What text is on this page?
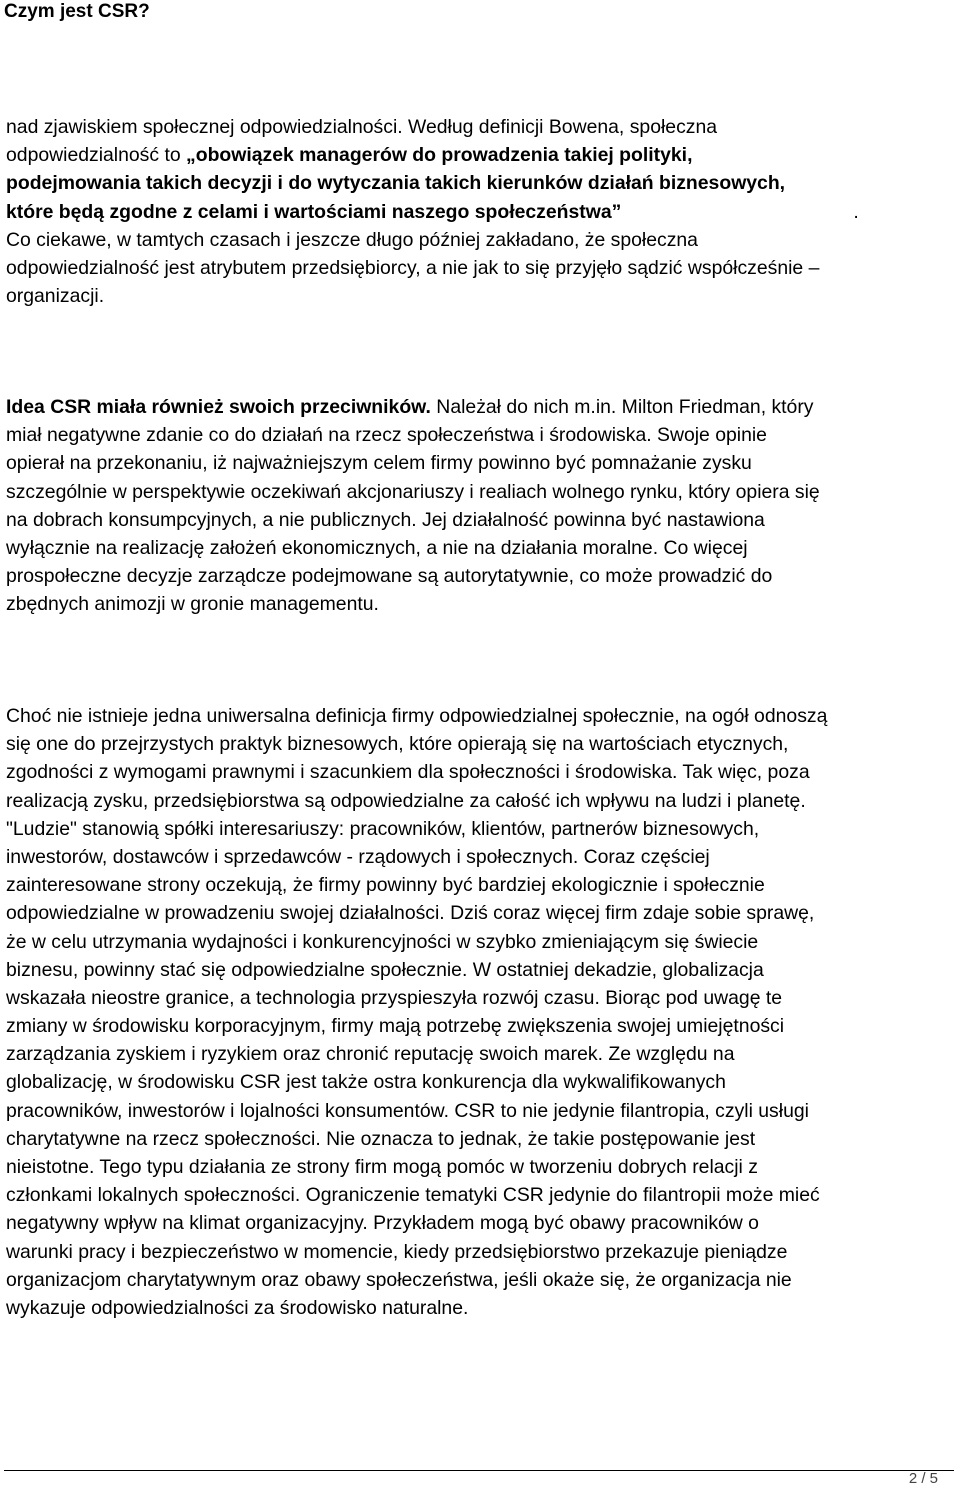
Czym jest CSR?
nad zjawiskiem społecznej odpowiedzialności. Według definicji Bowena, społeczna
odpowiedzialność to „obowiązek managerów do prowadzenia takiej polityki,
podejmowania takich decyzji i do wytyczania takich kierunków działań biznesowych,
które będą zgodne z celami i wartościami naszego społeczeństwa”	.
Co ciekawe, w tamtych czasach i jeszcze długo później zakładano, że społeczna
odpowiedzialność jest atrybutem przedsiębiorcy, a nie jak to się przyjęło sądzić współcześnie –
organizacji.
Idea CSR miała również swoich przeciwników. Należał do nich m.in. Milton Friedman, który
miał negatywne zdanie co do działań na rzecz społeczeństwa i środowiska. Swoje opinie
opierał na przekonaniu, iż najważniejszym celem firmy powinno być pomnażanie zysku
szczególnie w perspektywie oczekiwań akcjonariuszy i realiach wolnego rynku, który opiera się
na dobrach konsumpcyjnych, a nie publicznych. Jej działalność powinna być nastawiona
wyłącznie na realizację założeń ekonomicznych, a nie na działania moralne. Co więcej
prospołeczne decyzje zarządcze podejmowane są autorytatywnie, co może prowadzić do
zbędnych animozji w gronie managementu.
Choć nie istnieje jedna uniwersalna definicja firmy odpowiedzialnej społecznie, na ogół odnoszą
się one do przejrzystych praktyk biznesowych, które opierają się na wartościach etycznych,
zgodności z wymogami prawnymi i szacunkiem dla społeczności i środowiska. Tak więc, poza
realizacją zysku, przedsiębiorstwa są odpowiedzialne za całość ich wpływu na ludzi i planetę.
"Ludzie" stanowią spółki interesariuszy: pracowników, klientów, partnerów biznesowych,
inwestorów, dostawców i sprzedawców - rządowych i społecznych. Coraz częściej
zainteresowane strony oczekują, że firmy powinny być bardziej ekologicznie i społecznie
odpowiedzialne w prowadzeniu swojej działalności. Dziś coraz więcej firm zdaje sobie sprawę,
że w celu utrzymania wydajności i konkurencyjności w szybko zmieniającym się świecie
biznesu, powinny stać się odpowiedzialne społecznie. W ostatniej dekadzie, globalizacja
wskazała nieostre granice, a technologia przyspieszyła rozwój czasu. Biorąc pod uwagę te
zmiany w środowisku korporacyjnym, firmy mają potrzebę zwiększenia swojej umiejętności
zarządzania zyskiem i ryzykiem oraz chronić reputację swoich marek. Ze względu na
globalizację, w środowisku CSR jest także ostra konkurencja dla wykwalifikowanych
pracowników, inwestorów i lojalności konsumentów. CSR to nie jedynie filantropia, czyli usługi
charytatywne na rzecz społeczności. Nie oznacza to jednak, że takie postępowanie jest
nieistotne. Tego typu działania ze strony firm mogą pomóc w tworzeniu dobrych relacji z
członkami lokalnych społeczności. Ograniczenie tematyki CSR jedynie do filantropii może mieć
negatywny wpływ na klimat organizacyjny. Przykładem mogą być obawy pracowników o
warunki pracy i bezpieczeństwo w momencie, kiedy przedsiębiorstwo przekazuje pieniądze
organizacjom charytatywnym oraz obawy społeczeństwa, jeśli okaże się, że organizacja nie
wykazuje odpowiedzialności za środowisko naturalne.
2 / 5
